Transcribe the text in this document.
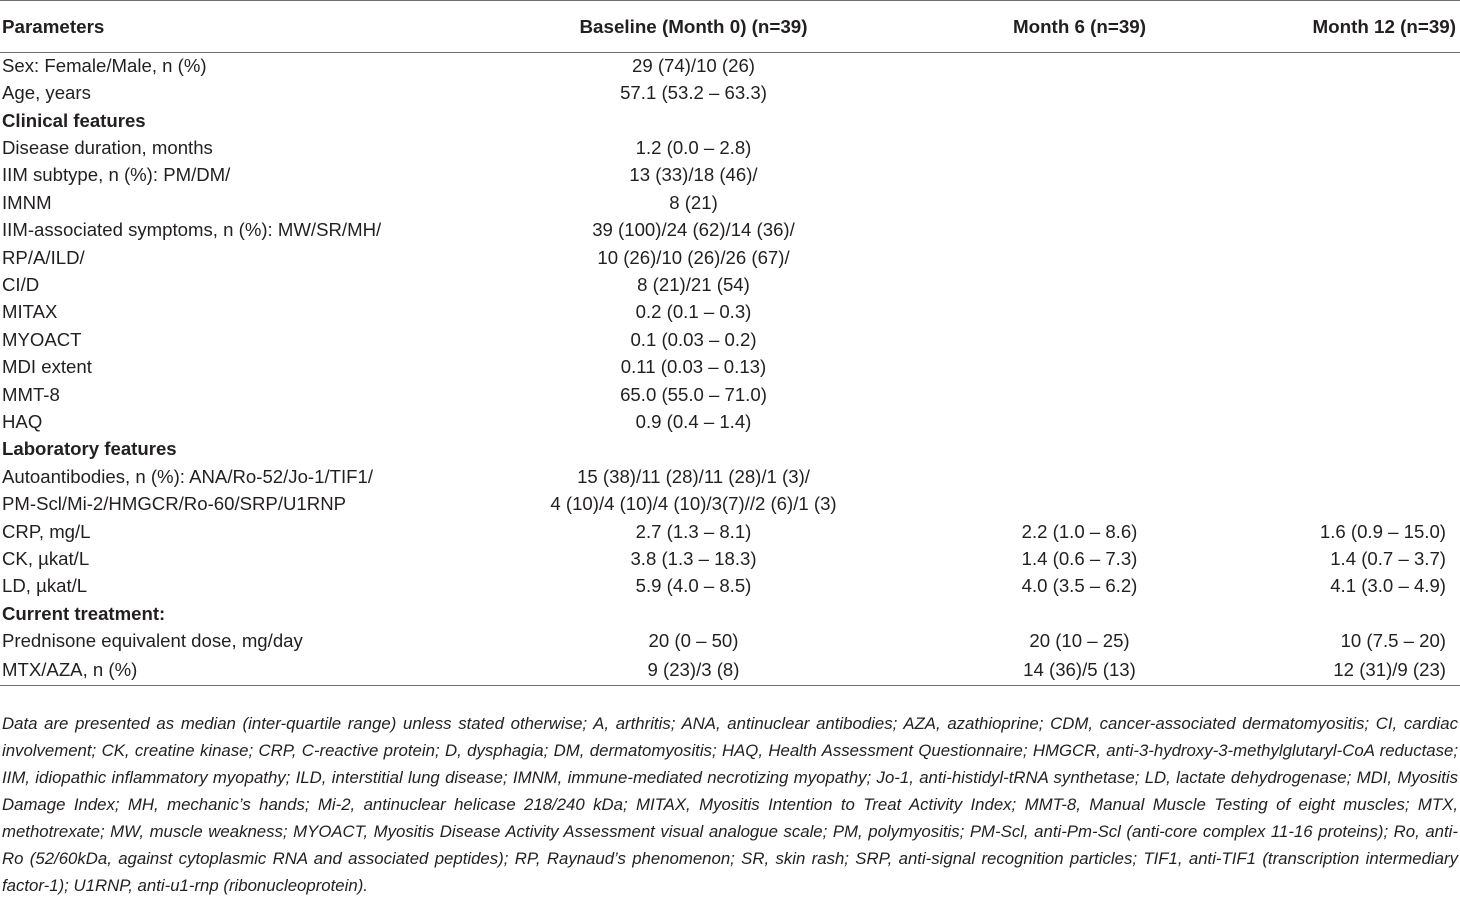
Parameters	Baseline (Month 0) (n=39)	Month 6 (n=39)	Month 12 (n=39)
Sex: Female/Male, n (%)	29 (74)/10 (26)		
Age, years	57.1 (53.2 – 63.3)		
Clinical features			
Disease duration, months	1.2 (0.0 – 2.8)		
IIM subtype, n (%): PM/DM/	13 (33)/18 (46)/		
IMNM	8 (21)		
IIM-associated symptoms, n (%): MW/SR/MH/	39 (100)/24 (62)/14 (36)/		
RP/A/ILD/	10 (26)/10 (26)/26 (67)/		
CI/D	8 (21)/21 (54)		
MITAX	0.2 (0.1 – 0.3)		
MYOACT	0.1 (0.03 – 0.2)		
MDI extent	0.11 (0.03 – 0.13)		
MMT-8	65.0 (55.0 – 71.0)		
HAQ	0.9 (0.4 – 1.4)		
Laboratory features			
Autoantibodies, n (%): ANA/Ro-52/Jo-1/TIF1/	15 (38)/11 (28)/11 (28)/1 (3)/		
PM-Scl/Mi-2/HMGCR/Ro-60/SRP/U1RNP	4 (10)/4 (10)/4 (10)/3(7)//2 (6)/1 (3)		
CRP, mg/L	2.7 (1.3 – 8.1)	2.2 (1.0 – 8.6)	1.6 (0.9 – 15.0)
CK, µkat/L	3.8 (1.3 – 18.3)	1.4 (0.6 – 7.3)	1.4 (0.7 – 3.7)
LD, µkat/L	5.9 (4.0 – 8.5)	4.0 (3.5 – 6.2)	4.1 (3.0 – 4.9)
Current treatment:			
Prednisone equivalent dose, mg/day	20 (0 – 50)	20 (10 – 25)	10 (7.5 – 20)
MTX/AZA, n (%)	9 (23)/3 (8)	14 (36)/5 (13)	12 (31)/9 (23)

Data are presented as median (inter-quartile range) unless stated otherwise; A, arthritis; ANA, antinuclear antibodies; AZA, azathioprine; CDM, cancer-associated dermatomyositis; CI, cardiac involvement; CK, creatine kinase; CRP, C-reactive protein; D, dysphagia; DM, dermatomyositis; HAQ, Health Assessment Questionnaire; HMGCR, anti-3-hydroxy-3-methylglutaryl-CoA reductase; IIM, idiopathic inflammatory myopathy; ILD, interstitial lung disease; IMNM, immune-mediated necrotizing myopathy; Jo-1, anti-histidyl-tRNA synthetase; LD, lactate dehydrogenase; MDI, Myositis Damage Index; MH, mechanic’s hands; Mi-2, antinuclear helicase 218/240 kDa; MITAX, Myositis Intention to Treat Activity Index; MMT-8, Manual Muscle Testing of eight muscles; MTX, methotrexate; MW, muscle weakness; MYOACT, Myositis Disease Activity Assessment visual analogue scale; PM, polymyositis; PM-Scl, anti-Pm-Scl (anti-core complex 11-16 proteins); Ro, anti-Ro (52/60kDa, against cytoplasmic RNA and associated peptides); RP, Raynaud’s phenomenon; SR, skin rash; SRP, anti-signal recognition particles; TIF1, anti-TIF1 (transcription intermediary factor-1); U1RNP, anti-u1-rnp (ribonucleoprotein).
